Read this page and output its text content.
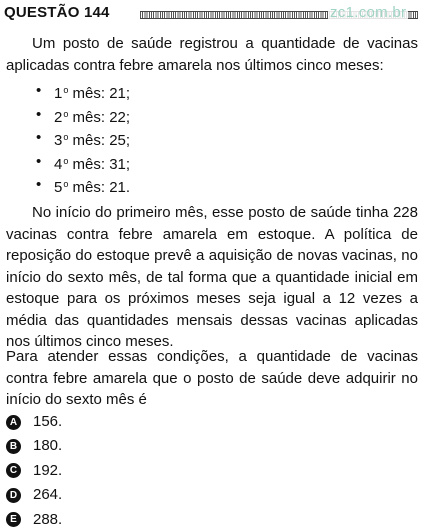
QUESTÃO 144	zc1.com.br
Um posto de saúde registrou a quantidade de vacinas aplicadas contra febre amarela nos últimos cinco meses:
• 1$^o$ mês: 21;
• 2$^o$ mês: 22;
• 3$^o$ mês: 25;
• 4$^o$ mês: 31;
• 5$^o$ mês: 21.
No início do primeiro mês, esse posto de saúde tinha 228 vacinas contra febre amarela em estoque. A política de reposição do estoque prevê a aquisição de novas vacinas, no início do sexto mês, de tal forma que a quantidade inicial em estoque para os próximos meses seja igual a 12 vezes a média das quantidades mensais dessas vacinas aplicadas nos últimos cinco meses.
Para atender essas condições, a quantidade de vacinas contra febre amarela que o posto de saúde deve adquirir no início do sexto mês é
A 156.
B 180.
C 192.
D 264.
E 288.
